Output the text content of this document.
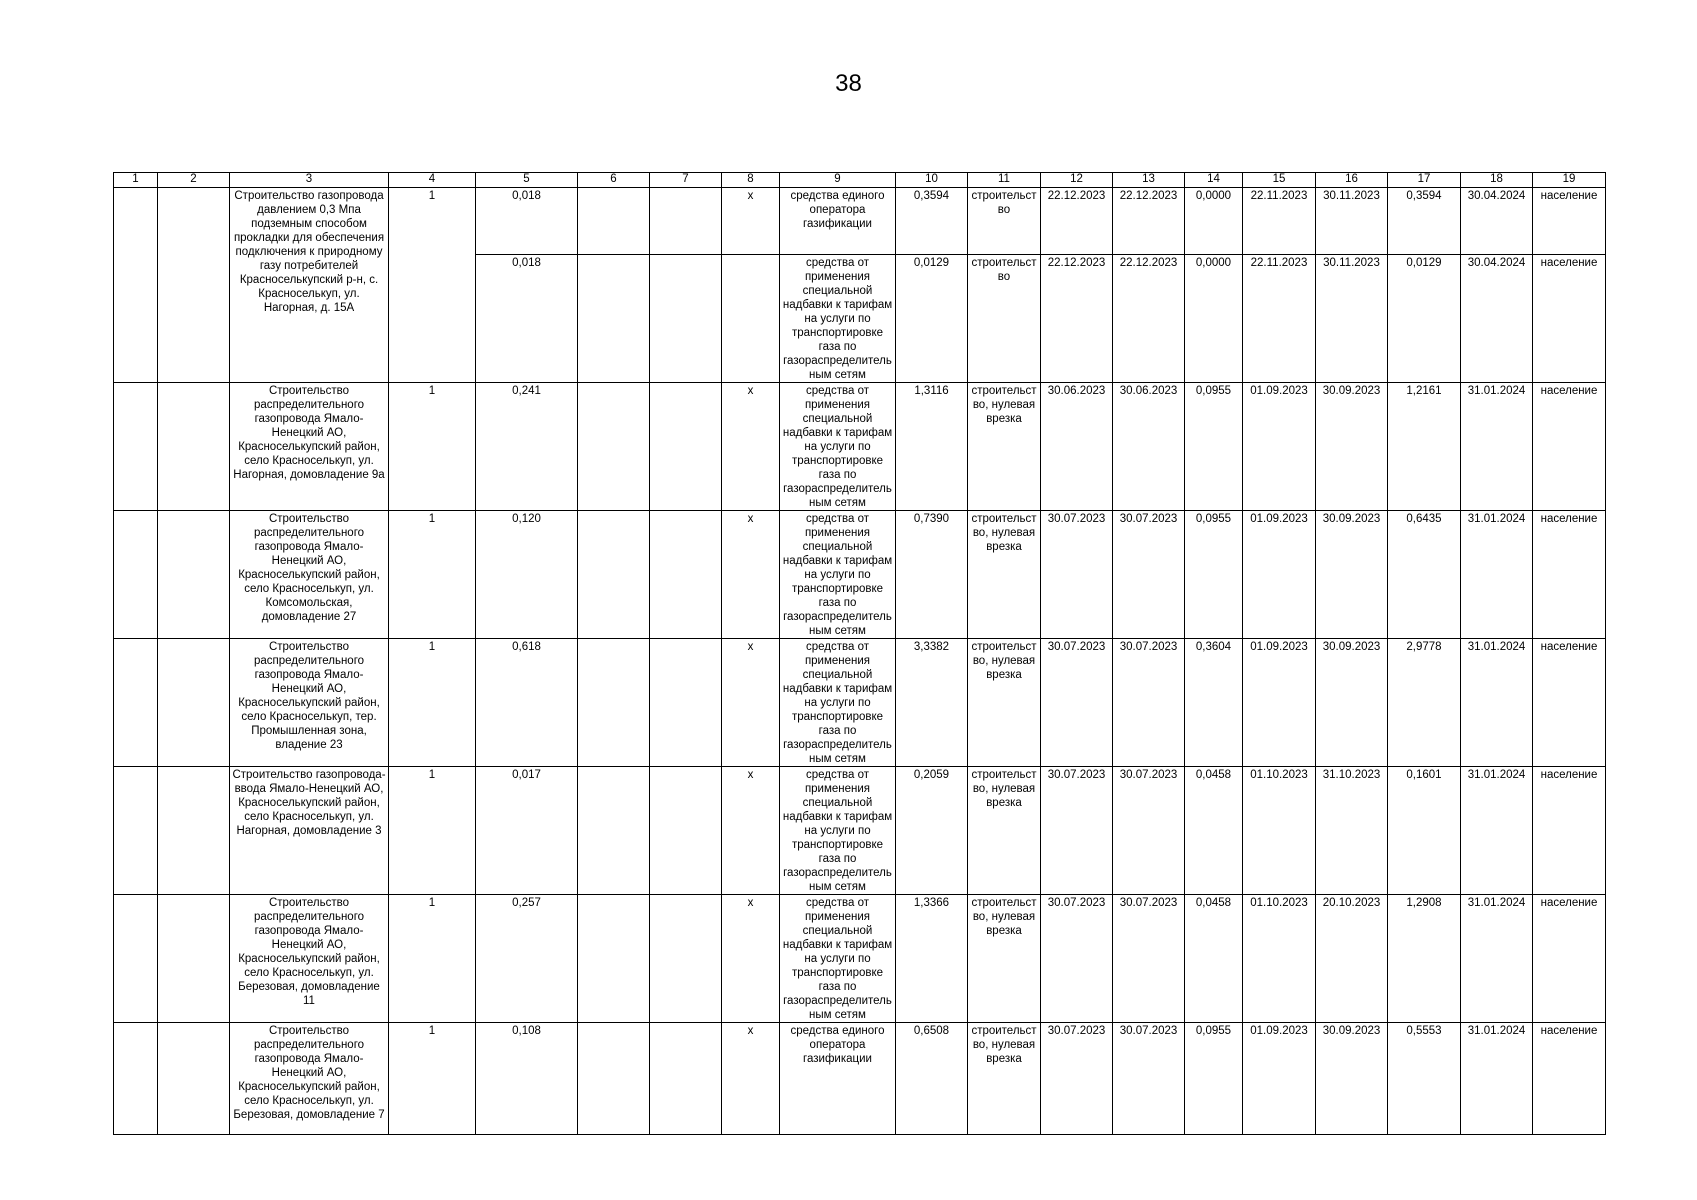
38
1	2	3	4	5	6	7	8	9	10	11	12	13	14	15	16	17	18	19
		Строительство газопровода давлением 0,3 Мпа подземным способом прокладки для обеспечения подключения к природному газу потребителей Красноселькупский р-н, с. Красноселькуп, ул. Нагорная, д. 15А	1	0,018			x	средства единого оператора газификации	0,3594	строительство	22.12.2023	22.12.2023	0,0000	22.11.2023	30.11.2023	0,3594	30.04.2024	население
				0,018				средства от применения специальной надбавки к тарифам на услуги по транспортировке газа по газораспределительным сетям	0,0129	строительство	22.12.2023	22.12.2023	0,0000	22.11.2023	30.11.2023	0,0129	30.04.2024	население
		Строительство распределительного газопровода Ямало-Ненецкий АО, Красноселькупский район, село Красноселькуп, ул. Нагорная, домовладение 9а	1	0,241			x	средства от применения специальной надбавки к тарифам на услуги по транспортировке газа по газораспределительным сетям	1,3116	строительство, нулевая врезка	30.06.2023	30.06.2023	0,0955	01.09.2023	30.09.2023	1,2161	31.01.2024	население
		Строительство распределительного газопровода Ямало-Ненецкий АО, Красноселькупский район, село Красноселькуп, ул. Комсомольская, домовладение 27	1	0,120			x	средства от применения специальной надбавки к тарифам на услуги по транспортировке газа по газораспределительным сетям	0,7390	строительство, нулевая врезка	30.07.2023	30.07.2023	0,0955	01.09.2023	30.09.2023	0,6435	31.01.2024	население
		Строительство распределительного газопровода Ямало-Ненецкий АО, Красноселькупский район, село Красноселькуп, тер. Промышленная зона, владение 23	1	0,618			x	средства от применения специальной надбавки к тарифам на услуги по транспортировке газа по газораспределительным сетям	3,3382	строительство, нулевая врезка	30.07.2023	30.07.2023	0,3604	01.09.2023	30.09.2023	2,9778	31.01.2024	население
		Строительство газопровода-ввода Ямало-Ненецкий АО, Красноселькупский район, село Красноселькуп, ул. Нагорная, домовладение 3	1	0,017			x	средства от применения специальной надбавки к тарифам на услуги по транспортировке газа по газораспределительным сетям	0,2059	строительство, нулевая врезка	30.07.2023	30.07.2023	0,0458	01.10.2023	31.10.2023	0,1601	31.01.2024	население
		Строительство распределительного газопровода Ямало-Ненецкий АО, Красноселькупский район, село Красноселькуп, ул. Березовая, домовладение 11	1	0,257			x	средства от применения специальной надбавки к тарифам на услуги по транспортировке газа по газораспределительным сетям	1,3366	строительство, нулевая врезка	30.07.2023	30.07.2023	0,0458	01.10.2023	20.10.2023	1,2908	31.01.2024	население
		Строительство распределительного газопровода Ямало-Ненецкий АО, Красноселькупский район, село Красноселькуп, ул. Березовая, домовладение 7	1	0,108			x	средства единого оператора газификации	0,6508	строительство, нулевая врезка	30.07.2023	30.07.2023	0,0955	01.09.2023	30.09.2023	0,5553	31.01.2024	население
